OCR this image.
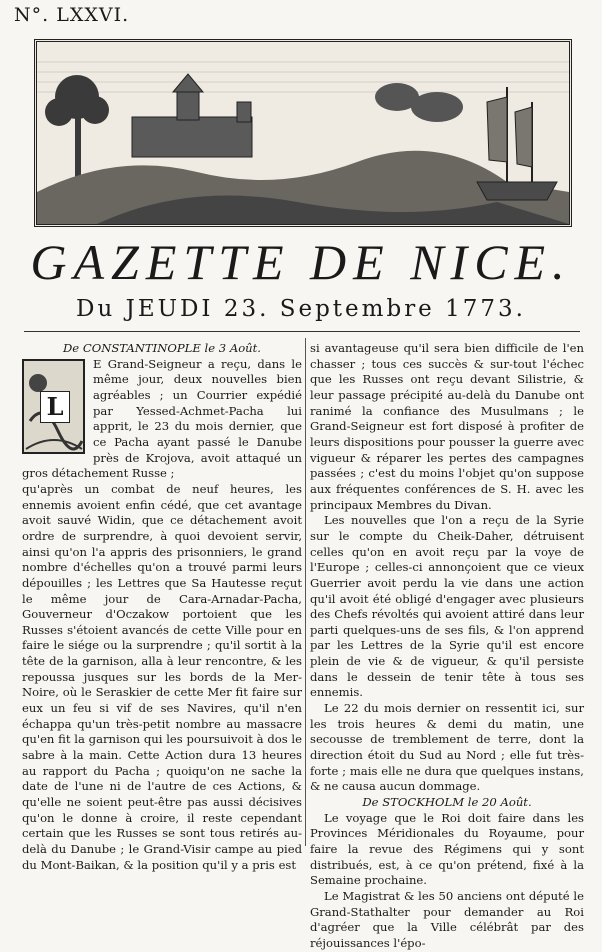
N°. LXXVI.
GAZETTE DE NICE.
Du JEUDI 23. Septembre 1773.

De CONSTANTINOPLE le 3 Août.

L

E Grand-Seigneur a reçu, dans le même jour, deux nouvelles bien agréables ; un Courrier expédié par Yessed-Achmet-Pacha lui apprit, le 23 du mois dernier, que ce Pacha ayant passé le Danube près de Krojova, avoit attaqué un gros détachement Russe ;

qu'après un combat de neuf heures, les ennemis avoient enfin cédé, que cet avantage avoit sauvé Widin, que ce détachement avoit ordre de surprendre, à quoi devoient servir, ainsi qu'on l'a appris des prisonniers, le grand nombre d'échelles qu'on a trouvé parmi leurs dépouilles ; les Lettres que Sa Hautesse reçut le même jour de Cara-Arnadar-Pacha, Gouverneur d'Oczakow portoient que les Russes s'étoient avancés de cette Ville pour en faire le siége ou la surprendre ; qu'il sortit à la tête de la garnison, alla à leur rencontre, & les repoussa jusques sur les bords de la Mer-Noire, où le Seraskier de cette Mer fit faire sur eux un feu si vif de ses Navires, qu'il n'en échappa qu'un très-petit nombre au massacre qu'en fit la garnison qui les poursuivoit à dos le sabre à la main. Cette Action dura 13 heures au rapport du Pacha ; quoiqu'on ne sache la date de l'une ni de l'autre de ces Actions, & qu'elle ne soient peut-être pas aussi décisives qu'on le donne à croire, il reste cependant certain que les Russes se sont tous retirés au-delà du Danube ; le Grand-Visir campe au pied du Mont-Baikan, & la position qu'il y a pris est

si avantageuse qu'il sera bien difficile de l'en chasser ; tous ces succès & sur-tout l'échec que les Russes ont reçu devant Silistrie, & leur passage précipité au-delà du Danube ont ranimé la confiance des Musulmans ; le Grand-Seigneur est fort disposé à profiter de leurs dispositions pour pousser la guerre avec vigueur & réparer les pertes des campagnes passées ; c'est du moins l'objet qu'on suppose aux fréquentes conférences de S. H. avec les principaux Membres du Divan.

Les nouvelles que l'on a reçu de la Syrie sur le compte du Cheik-Daher, détruisent celles qu'on en avoit reçu par la voye de l'Europe ; celles-ci annonçoient que ce vieux Guerrier avoit perdu la vie dans une action qu'il avoit été obligé d'engager avec plusieurs des Chefs révoltés qui avoient attiré dans leur parti quelques-uns de ses fils, & l'on apprend par les Lettres de la Syrie qu'il est encore plein de vie & de vigueur, & qu'il persiste dans le dessein de tenir tête à tous ses ennemis.

Le 22 du mois dernier on ressentit ici, sur les trois heures & demi du matin, une secousse de tremblement de terre, dont la direction étoit du Sud au Nord ; elle fut très-forte ; mais elle ne dura que quelques instans, & ne causa aucun dommage.

De STOCKHOLM le 20 Août.

Le voyage que le Roi doit faire dans les Provinces Méridionales du Royaume, pour faire la revue des Régimens qui y sont distribués, est, à ce qu'on prétend, fixé à la Semaine prochaine.

Le Magistrat & les 50 anciens ont député le Grand-Stathalter pour demander au Roi d'agréer que la Ville célébrât par des réjouissances l'épo-
